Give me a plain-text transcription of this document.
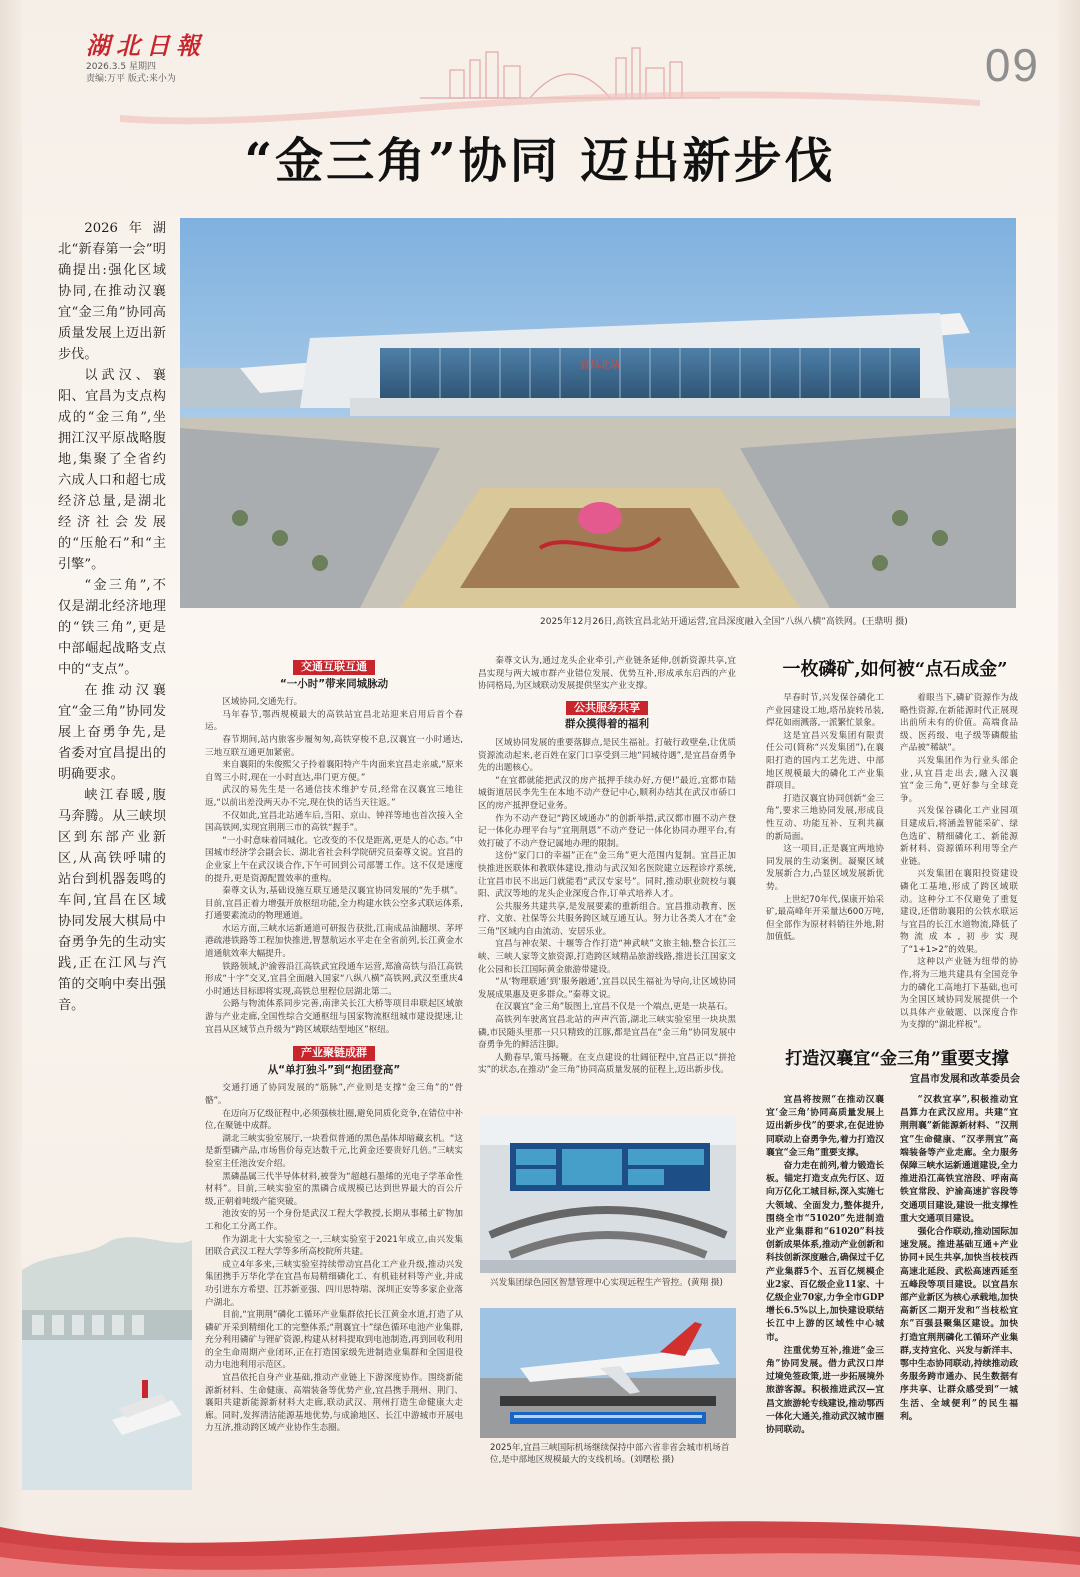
湖北日報
2026.3.5 星期四
责编:万平 版式:来小为	09
“金三角”协同 迈出新步伐

2026年湖北“新春第一会”明确提出:强化区域协同,在推动汉襄宜“金三角”协同高质量发展上迈出新步伐。

以武汉、襄阳、宜昌为支点构成的“金三角”,坐拥江汉平原战略腹地,集聚了全省约六成人口和超七成经济总量,是湖北经济社会发展的“压舱石”和“主引擎”。

“金三角”,不仅是湖北经济地理的“铁三角”,更是中部崛起战略支点中的“支点”。

在推动汉襄宜“金三角”协同发展上奋勇争先,是省委对宜昌提出的明确要求。

峡江春暖,腹马奔腾。从三峡坝区到东部产业新区,从高铁呼啸的站台到机器轰鸣的车间,宜昌在区域协同发展大棋局中奋勇争先的生动实践,正在江风与汽笛的交响中奏出强音。

宜昌北站
2025年12月26日,高铁宜昌北站开通运营,宜昌深度融入全国“八纵八横”高铁网。(王鼎明 摄)
交通互联互通
“一小时”带来同城脉动

区域协同,交通先行。

马年春节,鄂西规模最大的高铁站宜昌北站迎来启用后首个春运。

春节期间,站内旅客步履匆匆,高铁穿梭不息,汉襄宜一小时通达,三地互联互通更加紧密。

来自襄阳的朱俊熙父子拎着襄阳特产牛肉面来宜昌走亲戚,“原来自驾三小时,现在一小时直达,串门更方便。”

武汉的易先生是一名通信技术维护专员,经常在汉襄宜三地往返,“以前出差没两天办不完,现在快的话当天往返。”

不仅如此,宜昌北站通车后,当阳、京山、钟祥等地也首次接入全国高铁网,实现宜荆荆三市的高铁“握手”。

“一小时意味着同城化。它改变的不仅是距离,更是人的心态。”中国城市经济学会副会长、湖北省社会科学院研究员秦尊文说。宜昌的企业家上午在武汉谈合作,下午可回到公司部署工作。这不仅是速度的提升,更是资源配置效率的重构。

秦尊文认为,基础设施互联互通是汉襄宜协同发展的“先手棋”。目前,宜昌正着力增强开放枢纽功能,全力构建水铁公空多式联运体系,打通要素流动的物理通道。

水运方面,三峡水运新通道可研报告获批,江南成品油翻坝、茅坪港疏港铁路等工程加快推进,智慧航运水平走在全省前列,长江黄金水道通航效率大幅提升。

铁路领域,沪渝蓉沿江高铁武宜段通车运营,郑渝高铁与沿江高铁形成“十字”交叉,宜昌全面融入国家“八纵八横”高铁网,武汉至重庆4小时通达目标即将实现,高铁总里程位居湖北第二。

公路与物流体系同步完善,南津关长江大桥等项目串联起区域旅游与产业走廊,全国性综合交通枢纽与国家物流枢纽城市建设提速,让宜昌从区域节点升级为“跨区域联结型地区”枢纽。

产业聚链成群
从“单打独斗”到“抱团登高”

交通打通了协同发展的“筋脉”,产业则是支撑“金三角”的“骨骼”。

在迈向万亿级征程中,必须强核壮圈,避免同质化竞争,在错位中补位,在聚链中成群。

湖北三峡实验室展厅,一块看似普通的黑色晶体却暗藏玄机。“这是新型磷产品,市场售价每克达数千元,比黄金还要贵好几倍。”三峡实验室主任池汝安介绍。

黑磷晶属三代半导体材料,被誉为“超越石墨烯的光电子学革命性材料”。目前,三峡实验室的黑磷合成规模已达到世界最大的百公斤级,正朝着吨级产能突破。

池汝安的另一个身份是武汉工程大学教授,长期从事稀土矿物加工和化工分离工作。

作为湖北十大实验室之一,三峡实验室于2021年成立,由兴发集团联合武汉工程大学等多所高校院所共建。

成立4年多来,三峡实验室持续带动宜昌化工产业升级,推动兴发集团携手万华化学在宜昌布局精细磷化工、有机硅材料等产业,并成功引进东方希望、江苏新亚强、四川思特瑞、深圳正安等多家企业落户湖北。

目前,“宜荆荆”磷化工循环产业集群依托长江黄金水道,打造了从磷矿开采到精细化工的完整体系;“荆襄宜十”绿色循环电池产业集群,充分利用磷矿与锂矿资源,构建从材料提取到电池制造,再到回收利用的全生命周期产业闭环,正在打造国家级先进制造业集群和全国退役动力电池利用示范区。

宜昌依托自身产业基础,推动产业链上下游深度协作。围绕新能源新材料、生命健康、高端装备等优势产业,宜昌携手荆州、荆门、襄阳共建新能源新材料大走廊,联动武汉、荆州打造生命健康大走廊。同时,发挥清洁能源基地优势,与成渝地区、长江中游城市开展电力互济,推动跨区域产业协作生态圈。

秦尊文认为,通过龙头企业牵引,产业链条延伸,创新资源共享,宜昌实现与两大城市群产业错位发展、优势互补,形成承东启西的产业协同格局,为区域联动发展提供坚实产业支撑。

公共服务共享
群众摸得着的福利

区域协同发展的重要落脚点,是民生福祉。打破行政壁垒,让优质资源流动起来,老百姓在家门口享受到三地“同城待遇”,是宜昌奋勇争先的出题核心。

“在宜都就能把武汉的房产抵押手续办好,方便!”最近,宜都市陆城街道居民李先生在本地不动产登记中心,顺利办结其在武汉市硚口区的房产抵押登记业务。

作为不动产登记“跨区域通办”的创新举措,武汉都市圈不动产登记一体化办理平台与“宜荆荆恩”不动产登记一体化协同办理平台,有效打破了不动产登记属地办理的限制。

这份“家门口的幸福”正在“金三角”更大范围内复制。宜昌正加快推进医联体和教联体建设,推动与武汉知名医院建立远程诊疗系统,让宜昌市民不出远门就能看“武汉专家号”。同时,推动职业院校与襄阳、武汉等地的龙头企业深度合作,订单式培养人才。

公共服务共建共享,是发展要素的重新组合。宜昌推动教育、医疗、文旅、社保等公共服务跨区域互通互认。努力让各类人才在“金三角”区域内自由流动、安居乐业。

宜昌与神农架、十堰等合作打造“神武峡”文旅主轴,整合长江三峡、三峡人家等文旅资源,打造跨区域精品旅游线路,推进长江国家文化公园和长江国际黄金旅游带建设。

“从‘物理联通’到‘服务融通’,宜昌以民生福祉为导向,让区域协同发展成果惠及更多群众。”秦尊文说。

在汉襄宜“金三角”版图上,宜昌不仅是一个端点,更是一块基石。

高铁列车驶离宜昌北站的声声汽笛,湖北三峡实验室里一块块黑磷,市民随头里那一只只精致的江豚,都是宜昌在“金三角”协同发展中奋勇争先的鲜活注脚。

人勤春早,策马扬鞭。在支点建设的壮阔征程中,宜昌正以“拼抢实”的状态,在推动“金三角”协同高质量发展的征程上,迈出新步伐。

兴发集团绿色园区智慧管理中心实现远程生产管控。(黄翔 摄)
2025年,宜昌三峡国际机场继续保持中部六省非省会城市机场首位,是中部地区规模最大的支线机场。(刘曙松 摄)
一枚磷矿,如何被“点石成金”

早春时节,兴发保谷磷化工产业园建设工地,塔吊旋转吊装,焊花如雨溅落,一派繁忙景象。

这是宜昌兴发集团有限责任公司(简称“兴发集团”),在襄阳打造的国内工艺先进、中部地区规模最大的磷化工产业集群项目。

打造汉襄宜协同创新“金三角”,要求三地协同发展,形成良性互动、功能互补、互利共赢的新局面。

这一项目,正是襄宜两地协同发展的生动案例。凝聚区域发展新合力,凸显区域发展新优势。

上世纪70年代,保康开始采矿,最高峰年开采量达600万吨,但全部作为原材料销往外地,附加值低。

着眼当下,磷矿资源作为战略性资源,在新能源时代正展现出前所未有的价值。高端食品级、医药级、电子级等磷酸盐产品被“稀缺”。

兴发集团作为行业头部企业,从宜昌走出去,融入汉襄宜“金三角”,更好参与全球竞争。

兴发保谷磷化工产业园项目建成后,将涵盖智能采矿、绿色选矿、精细磷化工、新能源新材料、资源循环利用等全产业链。

兴发集团在襄阳投资建设磷化工基地,形成了跨区域联动。这种分工不仅避免了重复建设,还借助襄阳的公铁水联运与宜昌的长江水道物流,降低了物流成本,初步实现了“1+1>2”的效果。

这种以产业链为纽带的协作,将为三地共建具有全国竞争力的磷化工高地打下基础,也可为全国区域协同发展提供一个以具体产业破题、以深度合作为支撑的“湖北样板”。

打造汉襄宜“金三角”重要支撑
宜昌市发展和改革委员会

宜昌将按照“在推动汉襄宜‘金三角’协同高质量发展上迈出新步伐”的要求,在促进协同联动上奋勇争先,着力打造汉襄宜“金三角”重要支撑。

奋力走在前列,着力锻造长板。锚定打造支点先行区、迈向万亿化工城目标,深入实施七大领域、全面发力,整体提升,围绕全市“51020”先进制造业产业集群和“61020”科技创新成果体系,推动产业创新和科技创新深度融合,确保过千亿产业集群5个、五百亿规模企业2家、百亿级企业11家、十亿级企业70家,力争全市GDP增长6.5%以上,加快建设联结长江中上游的区域性中心城市。

注重优势互补,推进“金三角”协同发展。借力武汉口岸过境免签政策,进一步拓展境外旅游客源。积极推进武汉—宜昌文旅游轮专线建设,推动鄂西一体化大通关,推动武汉城市圈协同联动。

“汉救宜享”,积极推动宜昌算力在武汉应用。共建“宜荆荆襄”新能源新材料、“汉荆宜”生命健康、“汉孝荆宜”高端装备等产业走廊。全力服务保障三峡水运新通道建设,全力推进沿江高铁宜涪段、呼南高铁宜常段、沪渝高速扩容段等交通项目建设,建设一批支撑性重大交通项目建设。

强化合作联动,推动国际加速发展。推进基础互通+产业协同+民生共享,加快当枝枝西高速北延段、武松高速西延至五峰段等项目建设。以宜昌东部产业新区为核心承载地,加快高新区二期开发和“当枝松宜东”百强县聚集区建设。加快打造宜荆荆磷化工循环产业集群,支持宜化、兴发与新洋丰、鄂中生态协同联动,持续推动政务服务跨市通办、民生数据有序共享、让群众感受到“一城生活、全域便利”的民生福利。
